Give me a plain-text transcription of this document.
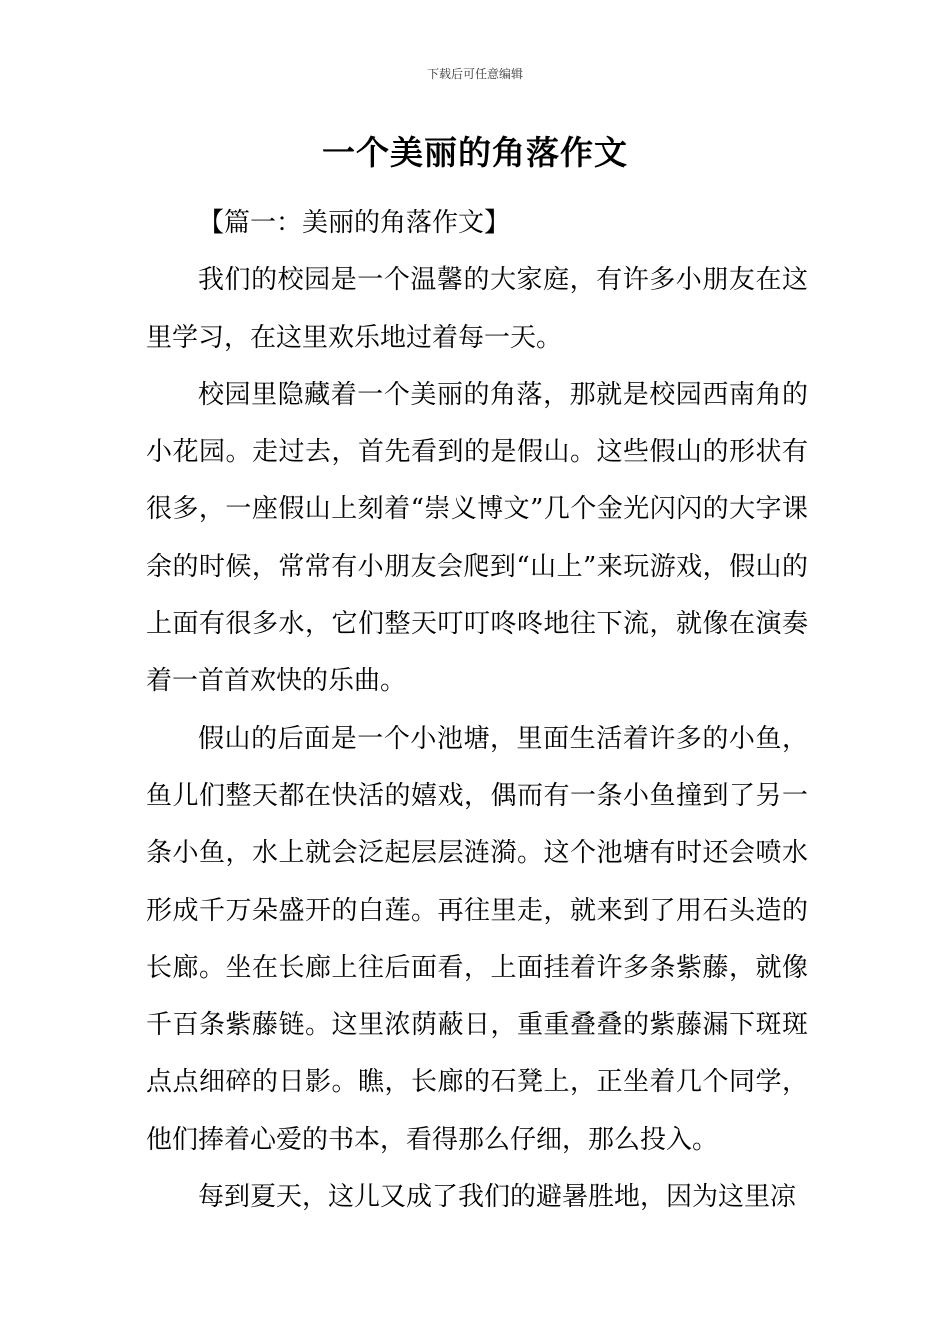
下载后可任意编辑
一个美丽的角落作文

【篇一：美丽的角落作文】

我们的校园是一个温馨的大家庭，有许多小朋友在这里学习，在这里欢乐地过着每一天。

校园里隐藏着一个美丽的角落，那就是校园西南角的小花园。走过去，首先看到的是假山。这些假山的形状有很多，一座假山上刻着“崇义博文”几个金光闪闪的大字课余的时候，常常有小朋友会爬到“山上”来玩游戏，假山的上面有很多水，它们整天叮叮咚咚地往下流，就像在演奏着一首首欢快的乐曲。

假山的后面是一个小池塘，里面生活着许多的小鱼，鱼儿们整天都在快活的嬉戏，偶而有一条小鱼撞到了另一条小鱼，水上就会泛起层层涟漪。这个池塘有时还会喷水形成千万朵盛开的白莲。再往里走，就来到了用石头造的长廊。坐在长廊上往后面看，上面挂着许多条紫藤，就像千百条紫藤链。这里浓荫蔽日，重重叠叠的紫藤漏下斑斑点点细碎的日影。瞧，长廊的石凳上，正坐着几个同学，他们捧着心爱的书本，看得那么仔细，那么投入。

每到夏天，这儿又成了我们的避暑胜地，因为这里凉
